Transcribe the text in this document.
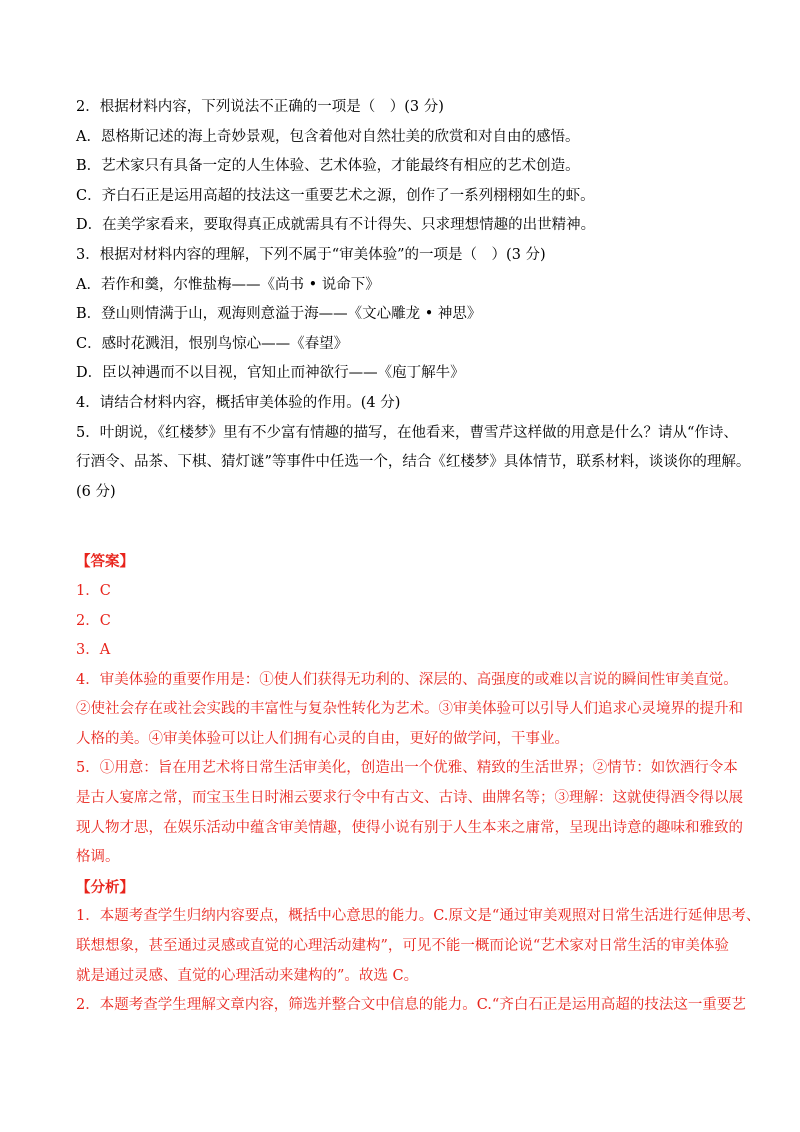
2．根据材料内容，下列说法不正确的一项是（　）(3 分)
A．恩格斯记述的海上奇妙景观，包含着他对自然壮美的欣赏和对自由的感悟。
B．艺术家只有具备一定的人生体验、艺术体验，才能最终有相应的艺术创造。
C．齐白石正是运用高超的技法这一重要艺术之源，创作了一系列栩栩如生的虾。
D．在美学家看来，要取得真正成就需具有不计得失、只求理想情趣的出世精神。
3．根据对材料内容的理解，下列不属于“审美体验”的一项是（　）(3 分)
A．若作和羹，尔惟盐梅——《尚书 • 说命下》
B．登山则情满于山，观海则意溢于海——《文心雕龙 • 神思》
C．感时花溅泪，恨别鸟惊心——《春望》
D．臣以神遇而不以目视，官知止而神欲行——《庖丁解牛》
4．请结合材料内容，概括审美体验的作用。(4 分)
5．叶朗说，《红楼梦》里有不少富有情趣的描写，在他看来，曹雪芹这样做的用意是什么？请从“作诗、
行酒令、品茶、下棋、猜灯谜”等事件中任选一个，结合《红楼梦》具体情节，联系材料，谈谈你的理解。
(6 分)
【答案】
1．C
2．C
3．A
4．审美体验的重要作用是：①使人们获得无功利的、深层的、高强度的或难以言说的瞬间性审美直觉。
②使社会存在或社会实践的丰富性与复杂性转化为艺术。③审美体验可以引导人们追求心灵境界的提升和
人格的美。④审美体验可以让人们拥有心灵的自由，更好的做学问，干事业。
5．①用意：旨在用艺术将日常生活审美化，创造出一个优雅、精致的生活世界；②情节：如饮酒行令本
是古人宴席之常，而宝玉生日时湘云要求行令中有古文、古诗、曲牌名等；③理解：这就使得酒令得以展
现人物才思，在娱乐活动中蕴含审美情趣，使得小说有别于人生本来之庸常，呈现出诗意的趣味和雅致的
格调。
【分析】
1．本题考查学生归纳内容要点，概括中心意思的能力。C.原文是“通过审美观照对日常生活进行延伸思考、
联想想象，甚至通过灵感或直觉的心理活动建构”，可见不能一概而论说“艺术家对日常生活的审美体验
就是通过灵感、直觉的心理活动来建构的”。故选 C。
2．本题考查学生理解文章内容，筛选并整合文中信息的能力。C.“齐白石正是运用高超的技法这一重要艺
